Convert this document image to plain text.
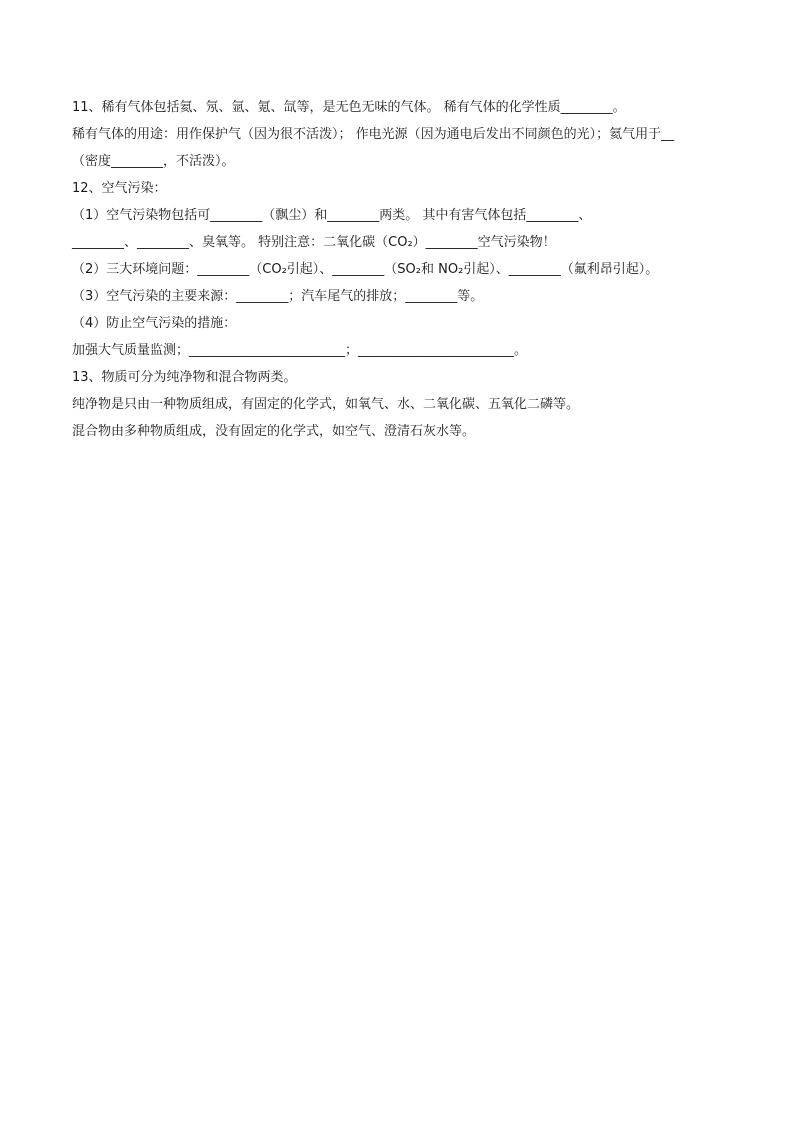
11、稀有气体包括氦、氖、氩、氪、氙等，是无色无味的气体。 稀有气体的化学性质________。
稀有气体的用途：用作保护气（因为很不活泼）； 作电光源（因为通电后发出不同颜色的光）；氦气用于__
（密度________，不活泼）。
12、空气污染：
（1）空气污染物包括可________（飘尘）和________两类。 其中有害气体包括________、
________、________、臭氧等。 特别注意：二氧化碳（CO₂）________空气污染物！
（2）三大环境问题：________（CO₂引起）、________（SO₂和 NO₂引起）、________（氟利昂引起）。
（3）空气污染的主要来源：________；汽车尾气的排放；________等。
（4）防止空气污染的措施：
加强大气质量监测；________________________；________________________。
13、物质可分为纯净物和混合物两类。
纯净物是只由一种物质组成，有固定的化学式，如氧气、水、二氧化碳、五氧化二磷等。
混合物由多种物质组成，没有固定的化学式，如空气、澄清石灰水等。
